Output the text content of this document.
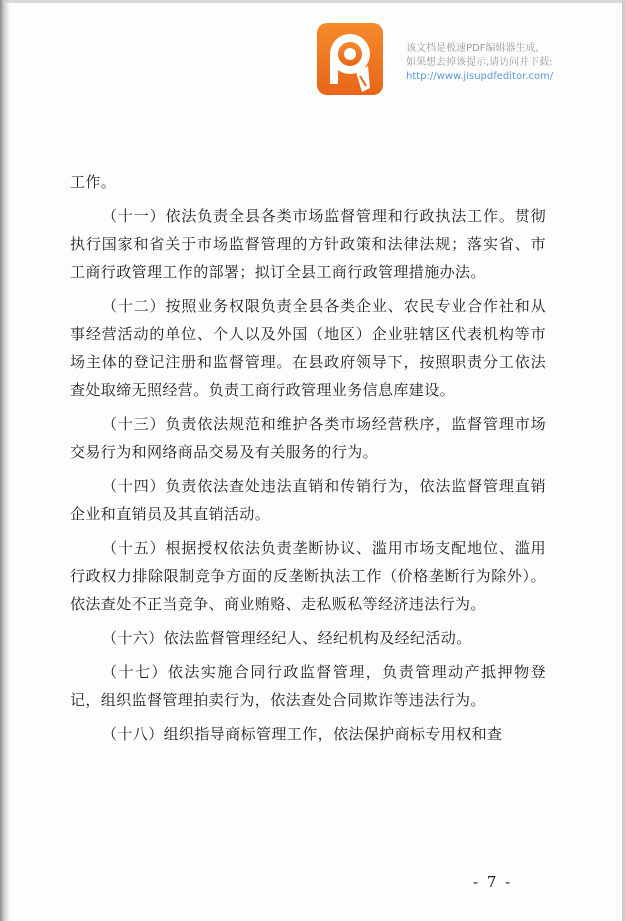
该文档是极速PDF编辑器生成,
如果想去掉该提示,请访问并下载:
http://www.jisupdfeditor.com/

工作。

（十一）依法负责全县各类市场监督管理和行政执法工作。贯彻执行国家和省关于市场监督管理的方针政策和法律法规；落实省、市工商行政管理工作的部署；拟订全县工商行政管理措施办法。

（十二）按照业务权限负责全县各类企业、农民专业合作社和从事经营活动的单位、个人以及外国（地区）企业驻辖区代表机构等市场主体的登记注册和监督管理。在县政府领导下，按照职责分工依法查处取缔无照经营。负责工商行政管理业务信息库建设。

（十三）负责依法规范和维护各类市场经营秩序，监督管理市场交易行为和网络商品交易及有关服务的行为。

（十四）负责依法查处违法直销和传销行为，依法监督管理直销企业和直销员及其直销活动。

（十五）根据授权依法负责垄断协议、滥用市场支配地位、滥用行政权力排除限制竞争方面的反垄断执法工作（价格垄断行为除外）。依法查处不正当竞争、商业贿赂、走私贩私等经济违法行为。

（十六）依法监督管理经纪人、经纪机构及经纪活动。

（十七）依法实施合同行政监督管理，负责管理动产抵押物登记，组织监督管理拍卖行为，依法查处合同欺诈等违法行为。

（十八）组织指导商标管理工作，依法保护商标专用权和查

- 7 -
